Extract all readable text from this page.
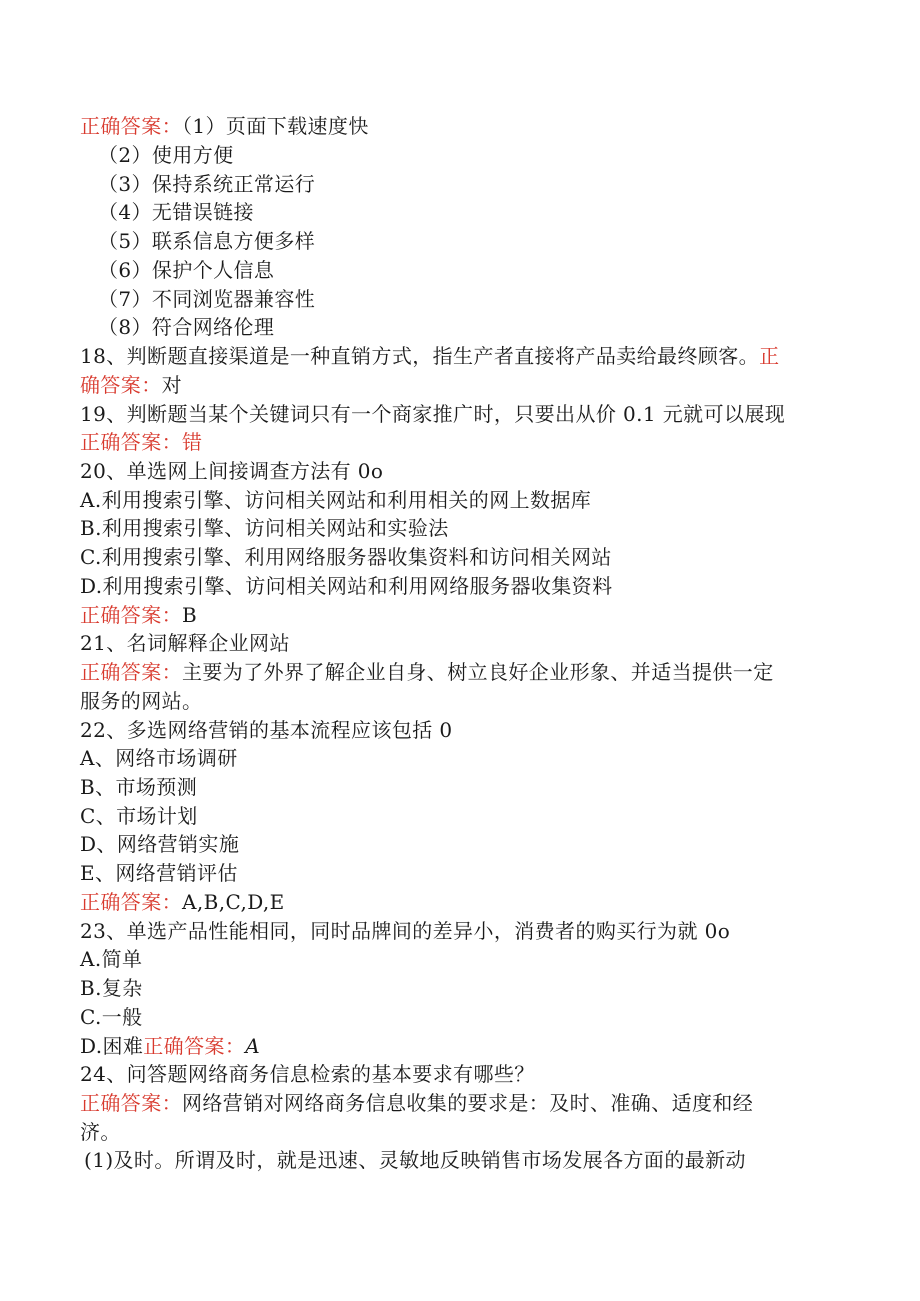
正确答案：（1）页面下载速度快
（2）使用方便
（3）保持系统正常运行
（4）无错误链接
（5）联系信息方便多样
（6）保护个人信息
（7）不同浏览器兼容性
（8）符合网络伦理
18、判断题直接渠道是一种直销方式，指生产者直接将产品卖给最终顾客。正
确答案：对
19、判断题当某个关键词只有一个商家推广时，只要出从价 0.1 元就可以展现
正确答案：错
20、单选网上间接调查方法有 0o
A.利用搜索引擎、访问相关网站和利用相关的网上数据库
B.利用搜索引擎、访问相关网站和实验法
C.利用搜索引擎、利用网络服务器收集资料和访问相关网站
D.利用搜索引擎、访问相关网站和利用网络服务器收集资料
正确答案：B
21、名词解释企业网站
正确答案：主要为了外界了解企业自身、树立良好企业形象、并适当提供一定
服务的网站。
22、多选网络营销的基本流程应该包括 0
A、网络市场调研
B、市场预测
C、市场计划
D、网络营销实施
E、网络营销评估
正确答案：A,B,C,D,E
23、单选产品性能相同，同时品牌间的差异小，消费者的购买行为就 0o
A.简单
B.复杂
C.一般
D.困难正确答案：A
24、问答题网络商务信息检索的基本要求有哪些？
正确答案：网络营销对网络商务信息收集的要求是：及时、准确、适度和经
济。
(1)及时。所谓及时，就是迅速、灵敏地反映销售市场发展各方面的最新动
